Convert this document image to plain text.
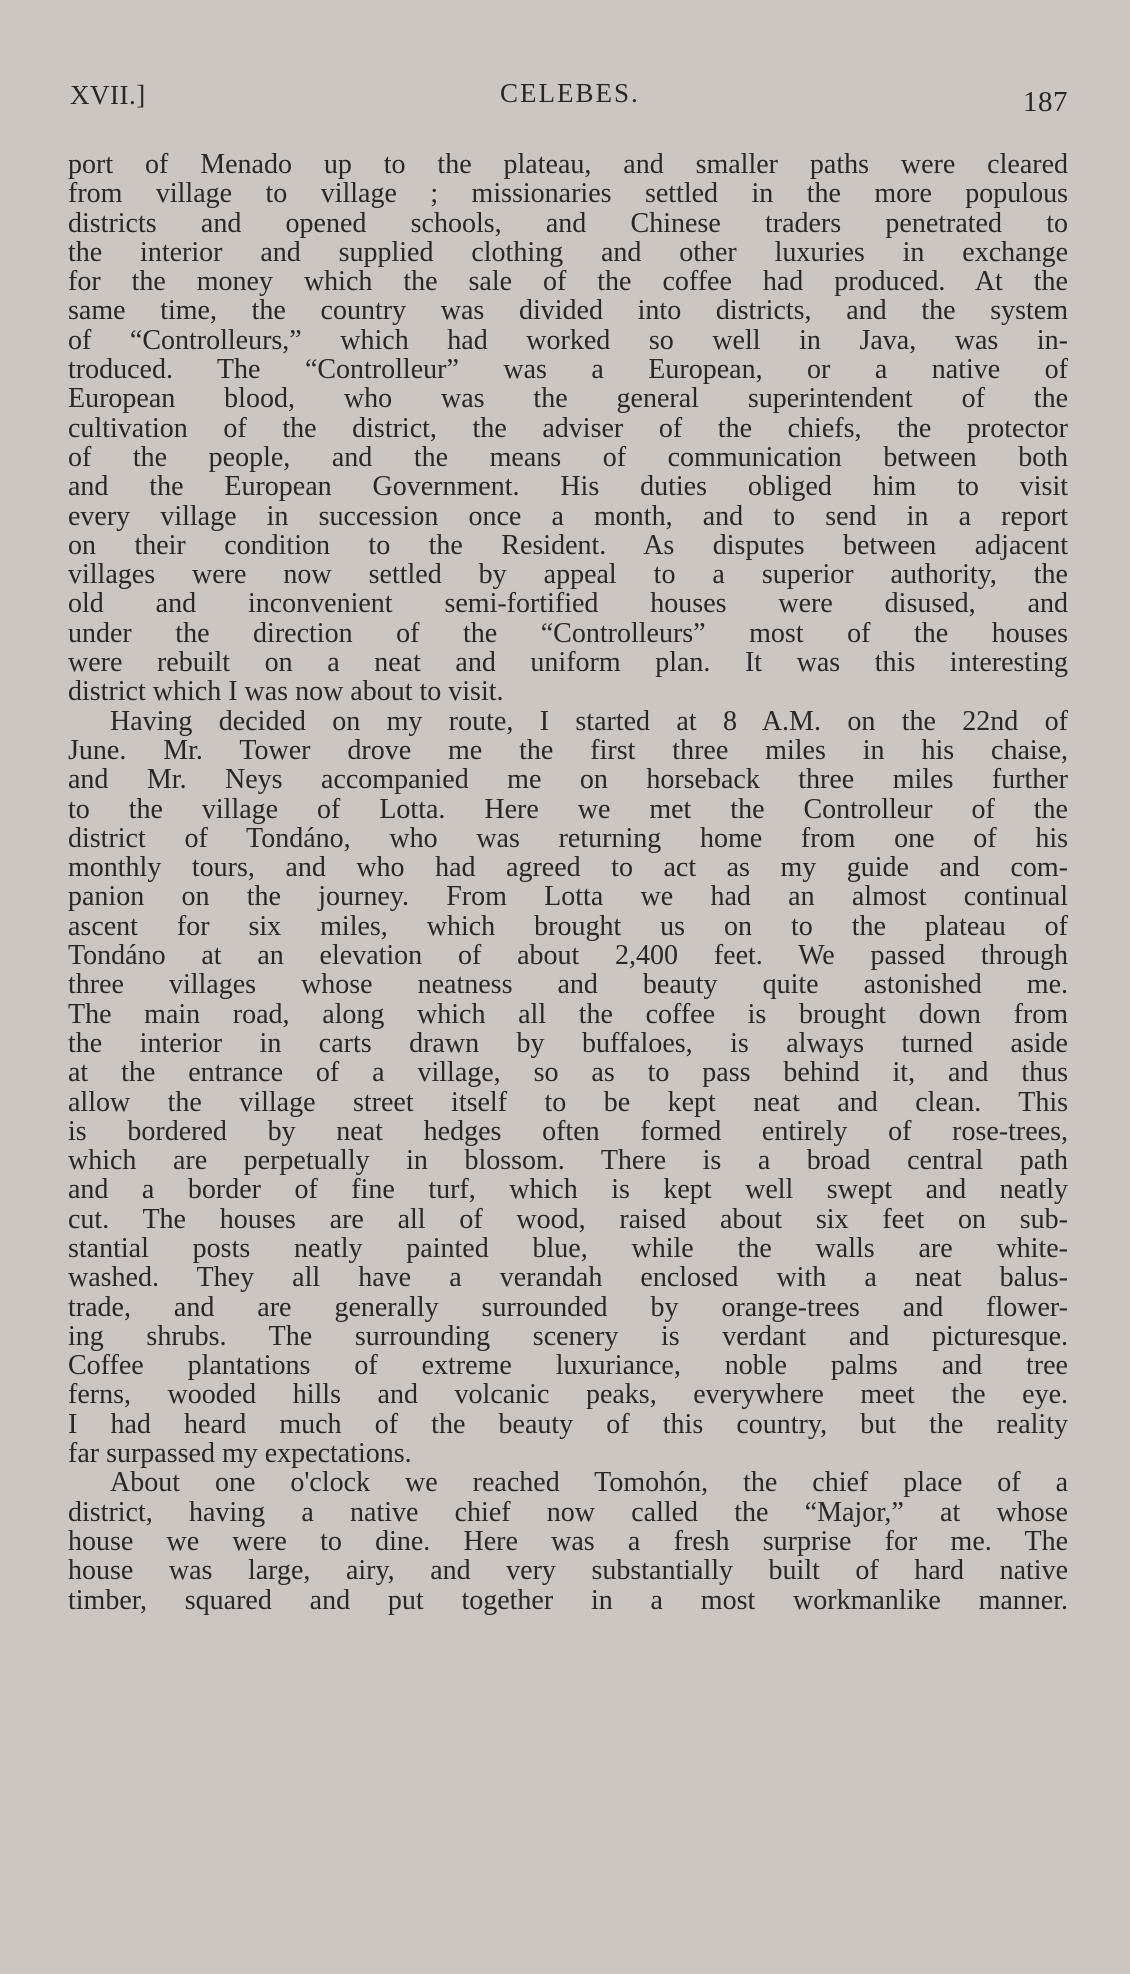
XVII.]	CELEBES.	187
port of Menado up to the plateau, and smaller paths were cleared
from village to village ; missionaries settled in the more populous
districts and opened schools, and Chinese traders penetrated to
the interior and supplied clothing and other luxuries in exchange
for the money which the sale of the coffee had produced. At the
same time, the country was divided into districts, and the system
of “Controlleurs,” which had worked so well in Java, was in-
troduced. The “Controlleur” was a European, or a native of
European blood, who was the general superintendent of the
cultivation of the district, the adviser of the chiefs, the protector
of the people, and the means of communication between both
and the European Government. His duties obliged him to visit
every village in succession once a month, and to send in a report
on their condition to the Resident. As disputes between adjacent
villages were now settled by appeal to a superior authority, the
old and inconvenient semi-fortified houses were disused, and
under the direction of the “Controlleurs” most of the houses
were rebuilt on a neat and uniform plan. It was this interesting
district which I was now about to visit.
Having decided on my route, I started at 8 A.M. on the 22nd of
June. Mr. Tower drove me the first three miles in his chaise,
and Mr. Neys accompanied me on horseback three miles further
to the village of Lotta. Here we met the Controlleur of the
district of Tondáno, who was returning home from one of his
monthly tours, and who had agreed to act as my guide and com-
panion on the journey. From Lotta we had an almost continual
ascent for six miles, which brought us on to the plateau of
Tondáno at an elevation of about 2,400 feet. We passed through
three villages whose neatness and beauty quite astonished me.
The main road, along which all the coffee is brought down from
the interior in carts drawn by buffaloes, is always turned aside
at the entrance of a village, so as to pass behind it, and thus
allow the village street itself to be kept neat and clean. This
is bordered by neat hedges often formed entirely of rose-trees,
which are perpetually in blossom. There is a broad central path
and a border of fine turf, which is kept well swept and neatly
cut. The houses are all of wood, raised about six feet on sub-
stantial posts neatly painted blue, while the walls are white-
washed. They all have a verandah enclosed with a neat balus-
trade, and are generally surrounded by orange-trees and flower-
ing shrubs. The surrounding scenery is verdant and picturesque.
Coffee plantations of extreme luxuriance, noble palms and tree
ferns, wooded hills and volcanic peaks, everywhere meet the eye.
I had heard much of the beauty of this country, but the reality
far surpassed my expectations.
About one o'clock we reached Tomohón, the chief place of a
district, having a native chief now called the “Major,” at whose
house we were to dine. Here was a fresh surprise for me. The
house was large, airy, and very substantially built of hard native
timber, squared and put together in a most workmanlike manner.
